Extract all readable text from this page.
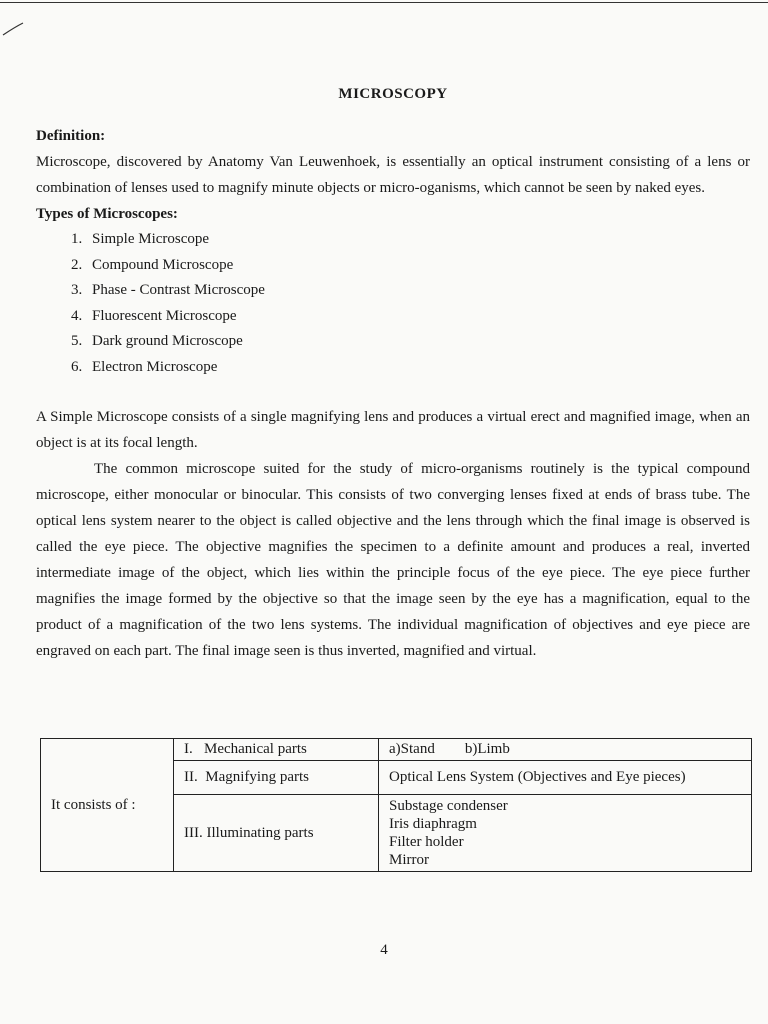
MICROSCOPY
Definition:

Microscope, discovered by Anatomy Van Leuwenhoek, is essentially an optical instrument consisting of a lens or combination of lenses used to magnify minute objects or micro-oganisms, which cannot be seen by naked eyes.

Types of Microscopes:
1. Simple Microscope
2. Compound Microscope
3. Phase - Contrast Microscope
4. Fluorescent Microscope
5. Dark ground Microscope
6. Electron Microscope

A Simple Microscope consists of a single magnifying lens and produces a virtual erect and magnified image, when an object is at its focal length.

The common microscope suited for the study of micro-organisms routinely is the typical compound microscope, either monocular or binocular. This consists of two converging lenses fixed at ends of brass tube. The optical lens system nearer to the object is called objective and the lens through which the final image is observed is called the eye piece. The objective magnifies the specimen to a definite amount and produces a real, inverted intermediate image of the object, which lies within the principle focus of the eye piece. The eye piece further magnifies the image formed by the objective so that the image seen by the eye has a magnification, equal to the product of a magnification of the two lens systems. The individual magnification of objectives and eye piece are engraved on each part. The final image seen is thus inverted, magnified and virtual.

It consists of :	I.   Mechanical parts	a)Stand        b)Limb
	II.  Magnifying parts	Optical Lens System (Objectives and Eye pieces)
	III. Illuminating parts	Substage condenser
Iris diaphragm
Filter holder
Mirror
4
